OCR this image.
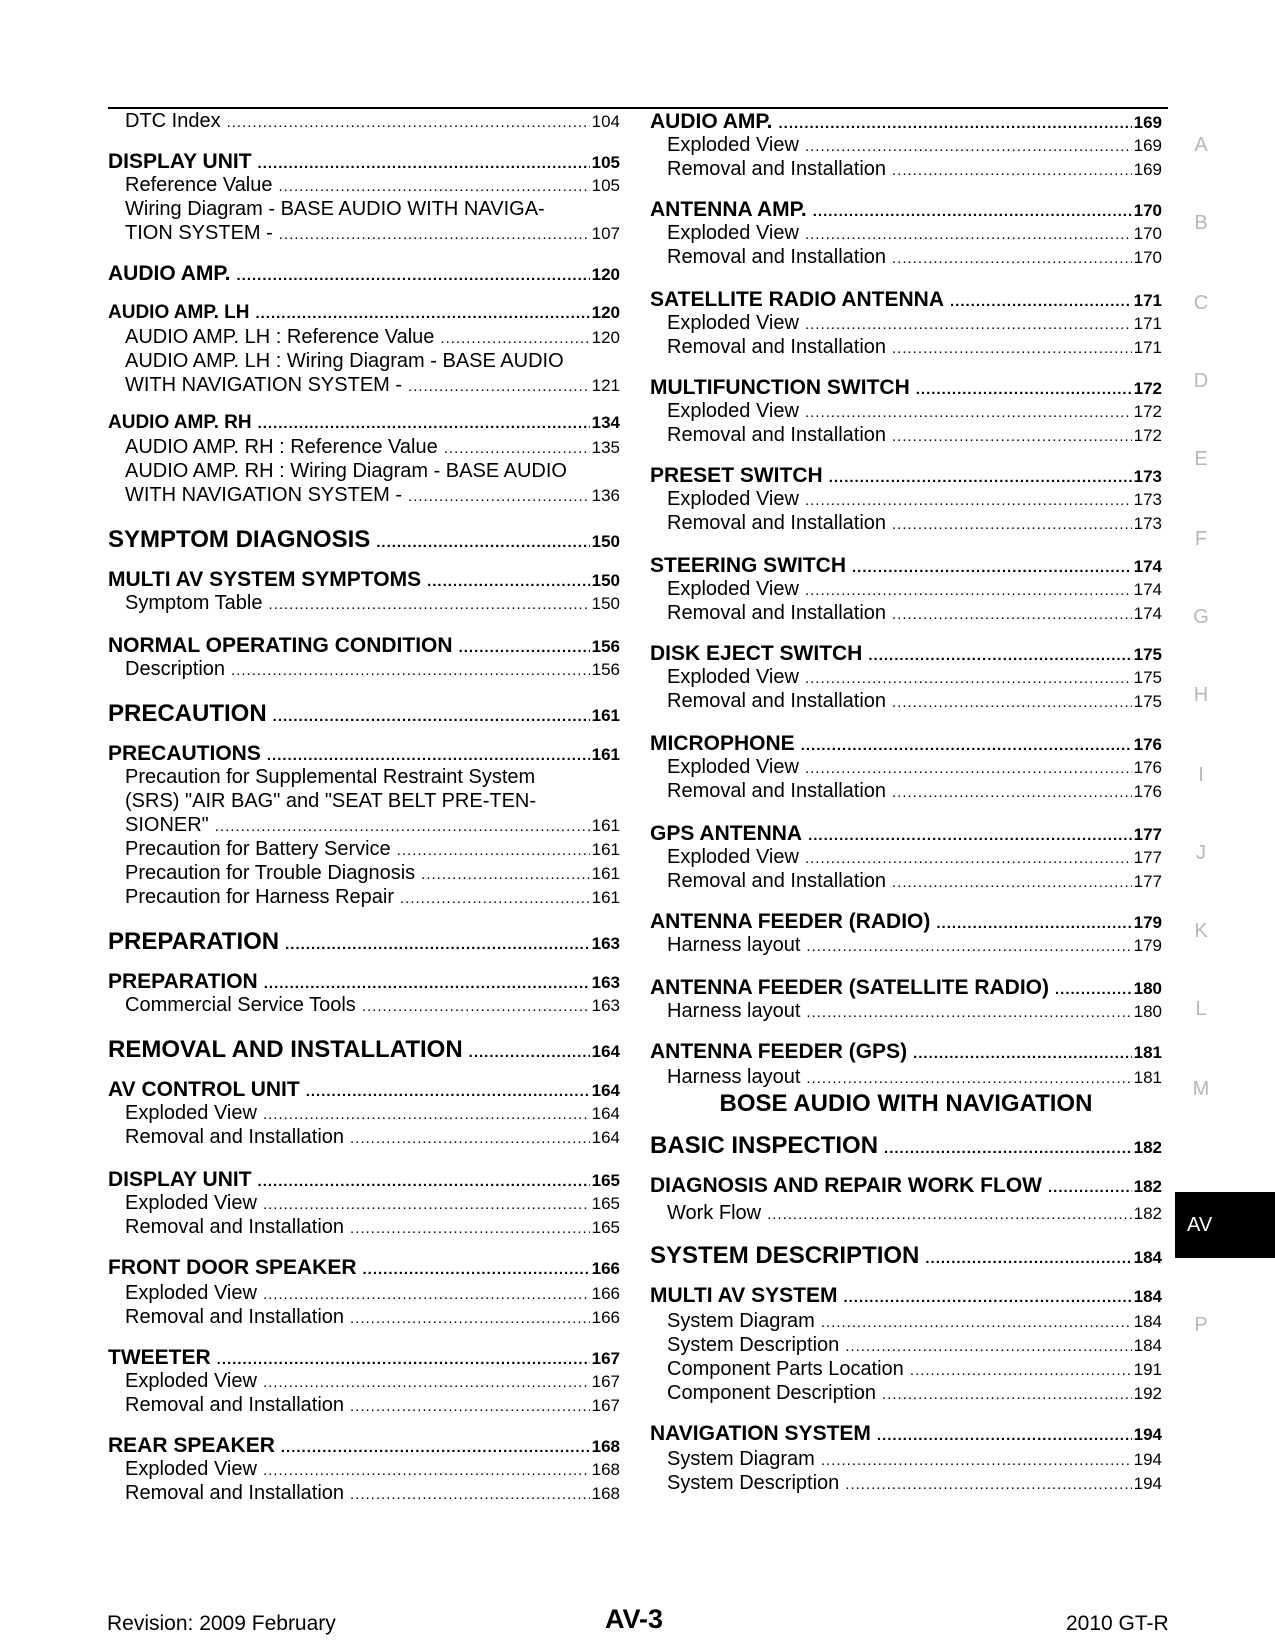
DTC Index .....	104
DISPLAY UNIT .....	105
Reference Value .....	105
Wiring Diagram - BASE AUDIO WITH NAVIGA-
TION SYSTEM - .....	107
AUDIO AMP. .....	120
AUDIO AMP. LH .....	120
AUDIO AMP. LH : Reference Value .....	120
AUDIO AMP. LH : Wiring Diagram - BASE AUDIO
WITH NAVIGATION SYSTEM - .....	121
AUDIO AMP. RH .....	134
AUDIO AMP. RH : Reference Value .....	135
AUDIO AMP. RH : Wiring Diagram - BASE AUDIO
WITH NAVIGATION SYSTEM - .....	136
SYMPTOM DIAGNOSIS .....	150
MULTI AV SYSTEM SYMPTOMS .....	150
Symptom Table .....	150
NORMAL OPERATING CONDITION .....	156
Description .....	156
PRECAUTION .....	161
PRECAUTIONS .....	161
Precaution for Supplemental Restraint System
(SRS) "AIR BAG" and "SEAT BELT PRE-TEN-
SIONER" .....	161
Precaution for Battery Service .....	161
Precaution for Trouble Diagnosis .....	161
Precaution for Harness Repair .....	161
PREPARATION .....	163
PREPARATION .....	163
Commercial Service Tools .....	163
REMOVAL AND INSTALLATION .....	164
AV CONTROL UNIT .....	164
Exploded View .....	164
Removal and Installation .....	164
DISPLAY UNIT .....	165
Exploded View .....	165
Removal and Installation .....	165
FRONT DOOR SPEAKER .....	166
Exploded View .....	166
Removal and Installation .....	166
TWEETER .....	167
Exploded View .....	167
Removal and Installation .....	167
REAR SPEAKER .....	168
Exploded View .....	168
Removal and Installation .....	168
AUDIO AMP. .....	169
Exploded View .....	169
Removal and Installation .....	169
ANTENNA AMP. .....	170
Exploded View .....	170
Removal and Installation .....	170
SATELLITE RADIO ANTENNA .....	171
Exploded View .....	171
Removal and Installation .....	171
MULTIFUNCTION SWITCH .....	172
Exploded View .....	172
Removal and Installation .....	172
PRESET SWITCH .....	173
Exploded View .....	173
Removal and Installation .....	173
STEERING SWITCH .....	174
Exploded View .....	174
Removal and Installation .....	174
DISK EJECT SWITCH .....	175
Exploded View .....	175
Removal and Installation .....	175
MICROPHONE .....	176
Exploded View .....	176
Removal and Installation .....	176
GPS ANTENNA .....	177
Exploded View .....	177
Removal and Installation .....	177
ANTENNA FEEDER (RADIO) .....	179
Harness layout .....	179
ANTENNA FEEDER (SATELLITE RADIO) .....	180
Harness layout .....	180
ANTENNA FEEDER (GPS) .....	181
Harness layout .....	181
BOSE AUDIO WITH NAVIGATION
BASIC INSPECTION .....	182
DIAGNOSIS AND REPAIR WORK FLOW .....	182
Work Flow .....	182
SYSTEM DESCRIPTION .....	184
MULTI AV SYSTEM .....	184
System Diagram .....	184
System Description .....	184
Component Parts Location .....	191
Component Description .....	192
NAVIGATION SYSTEM .....	194
System Diagram .....	194
System Description .....	194
A
B
C
D
E
F
G
H
I
J
K
L
M
P
AV
Revision: 2009 February	AV-3	2010 GT-R
